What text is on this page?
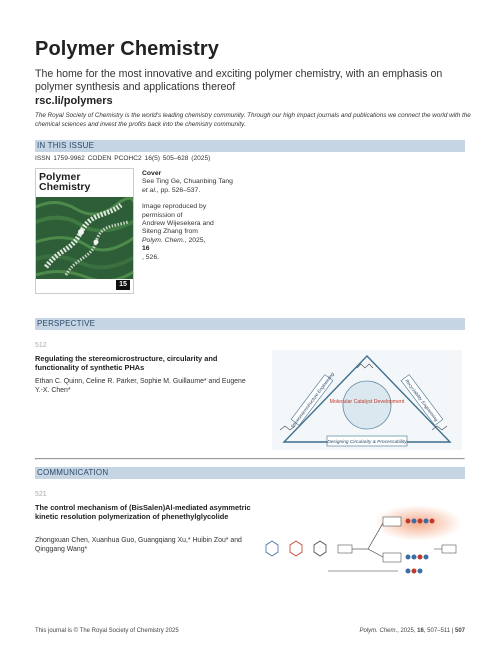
Polymer Chemistry
The home for the most innovative and exciting polymer chemistry, with an emphasis on polymer synthesis and applications thereof
rsc.li/polymers
The Royal Society of Chemistry is the world's leading chemistry community. Through our high impact journals and publications we connect the world with the chemical sciences and invest the profits back into the chemistry community.
IN THIS ISSUE
ISSN 1759-9962 CODEN PCOHC2 16(5) 505–628 (2025)
Polymer
Chemistry
15
Cover
See Ting Ge, Chuanbing Tang
et al., pp. 526–537.
Image reproduced by
permission of
Andrew Wijesekera and
Siteng Zhang from
Polym. Chem., 2025,
16
, 526.
PERSPECTIVE
512
Regulating the stereomicrostructure, circularity and functionality of synthetic PHAs
Ethan C. Quinn, Celine R. Parker, Sophie M. Guillaume* and Eugene Y.-X. Chen*
Molecular Catalyst Development
Stereomicrostructure Engineering	Recyclability Engineering
Designing Circularity & Processability
COMMUNICATION
521
The control mechanism of (BisSalen)Al-mediated asymmetric kinetic resolution polymerization of phenethylglycolide
Zhongxuan Chen, Xuanhua Guo, Guangqiang Xu,* Huibin Zou* and Qinggang Wang*
This journal is © The Royal Society of Chemistry 2025	Polym. Chem., 2025, 16, 507–511 | 507
